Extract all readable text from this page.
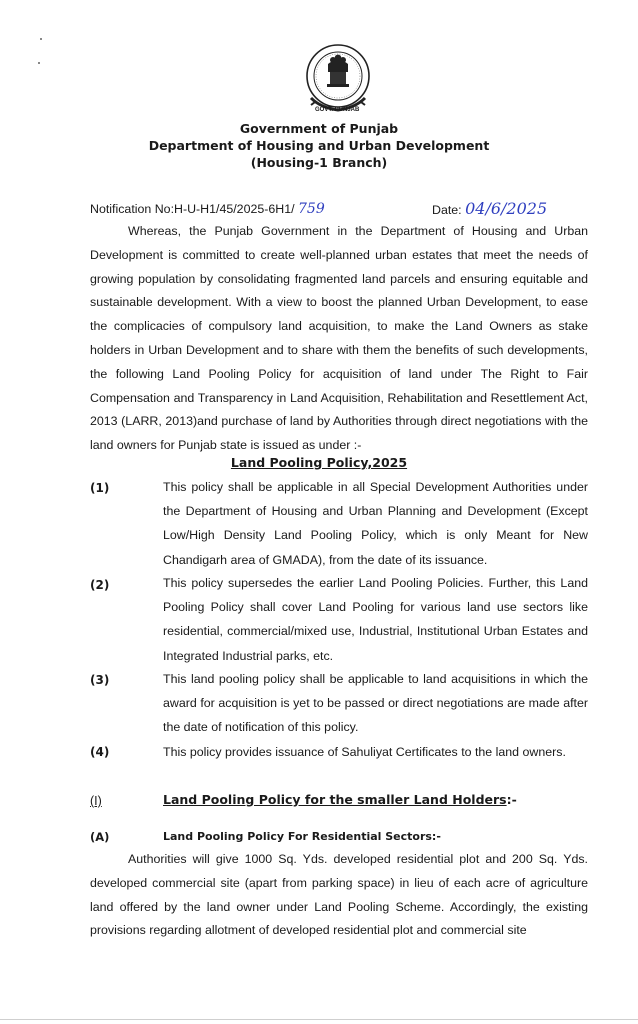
GOVT. PUNJAB
Government of Punjab
Department of Housing and Urban Development
(Housing-1 Branch)
Notification No:H-U-H1/45/2025-6H1/ 759	Date: 04/6/2025
Whereas, the Punjab Government in the Department of Housing and Urban Development is committed to create well-planned urban estates that meet the needs of growing population by consolidating fragmented land parcels and ensuring equitable and sustainable development. With a view to boost the planned Urban Development, to ease the complicacies of compulsory land acquisition, to make the Land Owners as stake holders in Urban Development and to share with them the benefits of such developments, the following Land Pooling Policy for acquisition of land under The Right to Fair Compensation and Transparency in Land Acquisition, Rehabilitation and Resettlement Act, 2013 (LARR, 2013)and purchase of land by Authorities through direct negotiations with the land owners for Punjab state is issued as under :-
Land Pooling Policy,2025
(1)	This policy shall be applicable in all Special Development Authorities under the Department of Housing and Urban Planning and Development (Except Low/High Density Land Pooling Policy, which is only Meant for New Chandigarh area of GMADA), from the date of its issuance.
(2)	This policy supersedes the earlier Land Pooling Policies. Further, this Land Pooling Policy shall cover Land Pooling for various land use sectors like residential, commercial/mixed use, Industrial, Institutional Urban Estates and Integrated Industrial parks, etc.
(3)	This land pooling policy shall be applicable to land acquisitions in which the award for acquisition is yet to be passed or direct negotiations are made after the date of notification of this policy.
(4)	This policy provides issuance of Sahuliyat Certificates to the land owners.
(I)	Land Pooling Policy for the smaller Land Holders:-
(A)	Land Pooling Policy For Residential Sectors:-
Authorities will give 1000 Sq. Yds. developed residential plot and 200 Sq. Yds. developed commercial site (apart from parking space) in lieu of each acre of agriculture land offered by the land owner under Land Pooling Scheme. Accordingly, the existing provisions regarding allotment of developed residential plot and commercial site
